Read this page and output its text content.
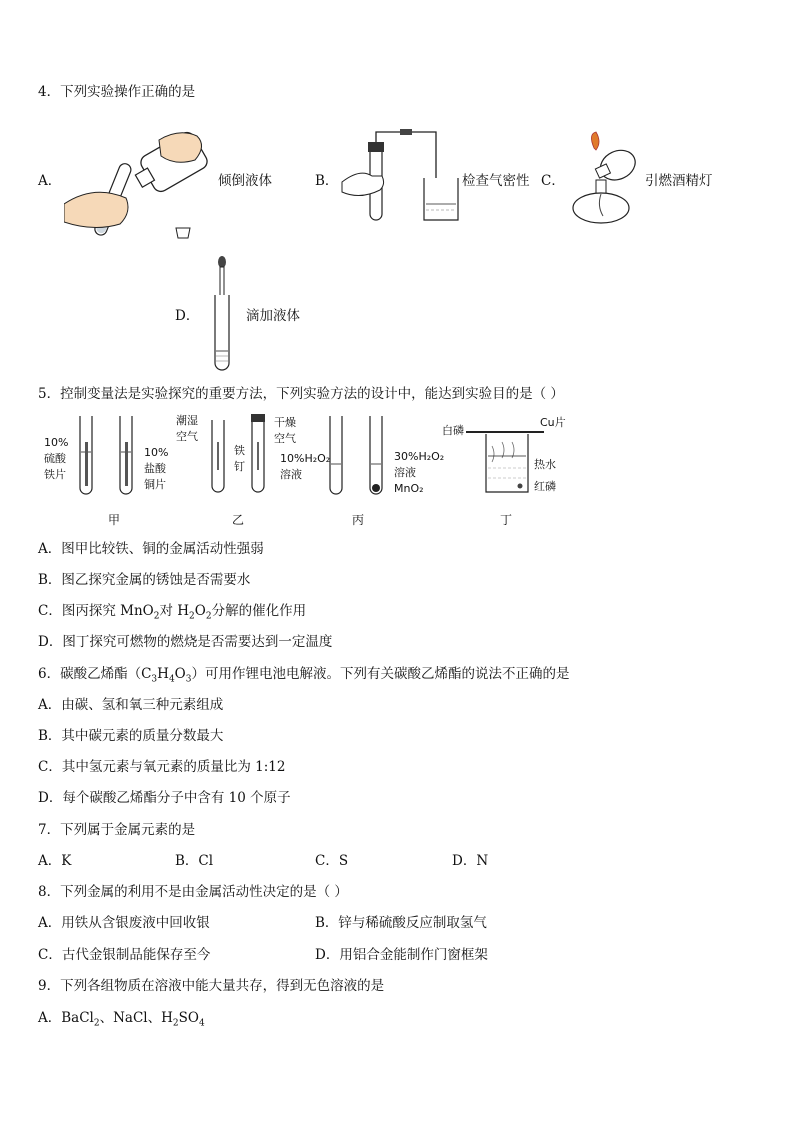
4．下列实验操作正确的是
A．	倾倒液体	B．	检查气密性 C．	引燃酒精灯
D．	滴加液体
5．控制变量法是实验探究的重要方法，下列实验方法的设计中，能达到实验目的是（ ）
10%
硫酸
铁片
10%
盐酸
铜片
甲
潮湿
空气
铁
钉
干燥
空气
乙
10%H₂O₂
溶液
30%H₂O₂
溶液
MnO₂
丙
白磷
Cu片
热水
红磷
丁
A．图甲比较铁、铜的金属活动性强弱
B．图乙探究金属的锈蚀是否需要水
C．图丙探究 MnO$_2$对 $H_2O_2$分解的催化作用
D．图丁探究可燃物的燃烧是否需要达到一定温度
6．碳酸乙烯酯$(C_3H_4O_3)$可用作锂电池电解液。下列有关碳酸乙烯酯的说法不正确的是
A．由碳、氢和氧三种元素组成
B．其中碳元素的质量分数最大
C．其中氢元素与氧元素的质量比为 1:12
D．每个碳酸乙烯酯分子中含有 10 个原子
7．下列属于金属元素的是
A．K	B．Cl	C．S	D．N
8．下列金属的利用不是由金属活动性决定的是（ ）
A．用铁从含银废液中回收银	B．锌与稀硫酸反应制取氢气
C．古代金银制品能保存至今	D．用铝合金能制作门窗框架
9．下列各组物质在溶液中能大量共存，得到无色溶液的是
A．BaCl$_2$、NaCl、$H_2SO_4$
